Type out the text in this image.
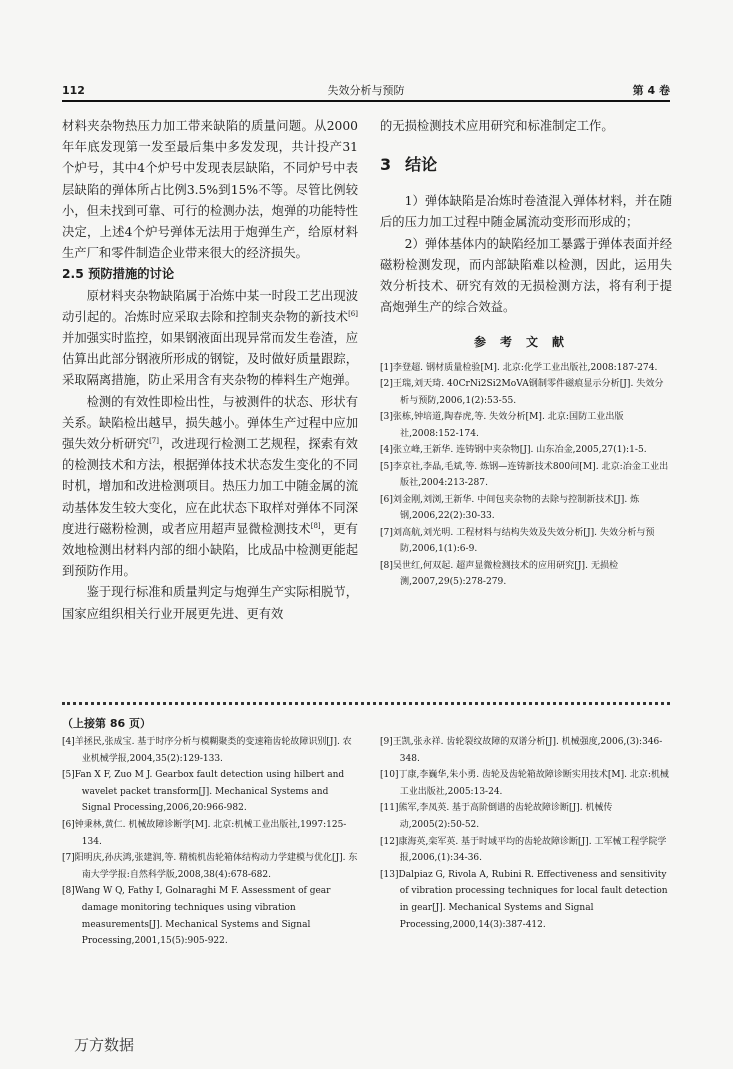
112	失效分析与预防	第 4 卷

材料夹杂物热压力加工带来缺陷的质量问题。从2000年年底发现第一发至最后集中多发发现，共计投产31个炉号，其中4个炉号中发现表层缺陷，不同炉号中表层缺陷的弹体所占比例3.5%到15%不等。尽管比例较小，但未找到可靠、可行的检测办法，炮弹的功能特性决定，上述4个炉号弹体无法用于炮弹生产，给原材料生产厂和零件制造企业带来很大的经济损失。

2.5 预防措施的讨论

原材料夹杂物缺陷属于冶炼中某一时段工艺出现波动引起的。冶炼时应采取去除和控制夹杂物的新技术[6]并加强实时监控，如果钢液面出现异常而发生卷渣，应估算出此部分钢液所形成的钢锭，及时做好质量跟踪，采取隔离措施，防止采用含有夹杂物的棒料生产炮弹。

检测的有效性即检出性，与被测件的状态、形状有关系。缺陷检出越早，损失越小。弹体生产过程中应加强失效分析研究[7]，改进现行检测工艺规程，探索有效的检测技术和方法，根据弹体技术状态发生变化的不同时机，增加和改进检测项目。热压力加工中随金属的流动基体发生较大变化，应在此状态下取样对弹体不同深度进行磁粉检测，或者应用超声显微检测技术[8]，更有效地检测出材料内部的细小缺陷，比成品中检测更能起到预防作用。

鉴于现行标准和质量判定与炮弹生产实际相脱节，国家应组织相关行业开展更先进、更有效

的无损检测技术应用研究和标准制定工作。

3 结论

1）弹体缺陷是冶炼时卷渣混入弹体材料，并在随后的压力加工过程中随金属流动变形而形成的；

2）弹体基体内的缺陷经加工暴露于弹体表面并经磁粉检测发现，而内部缺陷难以检测，因此，运用失效分析技术、研究有效的无损检测方法，将有利于提高炮弹生产的综合效益。

参考文献

[1]李登超. 钢材质量检验[M]. 北京:化学工业出版社,2008:187-274.

[2]王瑞,刘天琦. 40CrNi2Si2MoVA钢制零件磁痕显示分析[J]. 失效分析与预防,2006,1(2):53-55.

[3]张栋,钟培道,陶春虎,等. 失效分析[M]. 北京:国防工业出版社,2008:152-174.

[4]张立峰,王新华. 连铸钢中夹杂物[J]. 山东冶金,2005,27(1):1-5.

[5]李京社,李晶,毛斌,等. 炼钢—连铸新技术800问[M]. 北京:冶金工业出版社,2004:213-287.

[6]刘金刚,刘浏,王新华. 中间包夹杂物的去除与控制新技术[J]. 炼钢,2006,22(2):30-33.

[7]刘高航,刘光明. 工程材料与结构失效及失效分析[J]. 失效分析与预防,2006,1(1):6-9.

[8]吴世红,何双起. 超声显微检测技术的应用研究[J]. 无损检测,2007,29(5):278-279.

（上接第 86 页）

[4]羊拯民,张成宝. 基于时序分析与模糊聚类的变速箱齿轮故障识别[J]. 农业机械学报,2004,35(2):129-133.

[5]Fan X F, Zuo M J. Gearbox fault detection using hilbert and wavelet packet transform[J]. Mechanical Systems and Signal Processing,2006,20:966-982.

[6]钟秉林,黄仁. 机械故障诊断学[M]. 北京:机械工业出版社,1997:125-134.

[7]阳明庆,孙庆鸿,张建润,等. 精梳机齿轮箱体结构动力学建模与优化[J]. 东南大学学报:自然科学版,2008,38(4):678-682.

[8]Wang W Q, Fathy I, Golnaraghi M F. Assessment of gear damage monitoring techniques using vibration measurements[J]. Mechanical Systems and Signal Processing,2001,15(5):905-922.

[9]王凯,张永祥. 齿轮裂纹故障的双谱分析[J]. 机械强度,2006,(3):346-348.

[10]丁康,李巍华,朱小勇. 齿轮及齿轮箱故障诊断实用技术[M]. 北京:机械工业出版社,2005:13-24.

[11]熊军,李凤英. 基于高阶倒谱的齿轮故障诊断[J]. 机械传动,2005(2):50-52.

[12]康海英,栾军英. 基于时域平均的齿轮故障诊断[J]. 工军械工程学院学报,2006,(1):34-36.

[13]Dalpiaz G, Rivola A, Rubini R. Effectiveness and sensitivity of vibration processing techniques for local fault detection in gear[J]. Mechanical Systems and Signal Processing,2000,14(3):387-412.

万方数据
